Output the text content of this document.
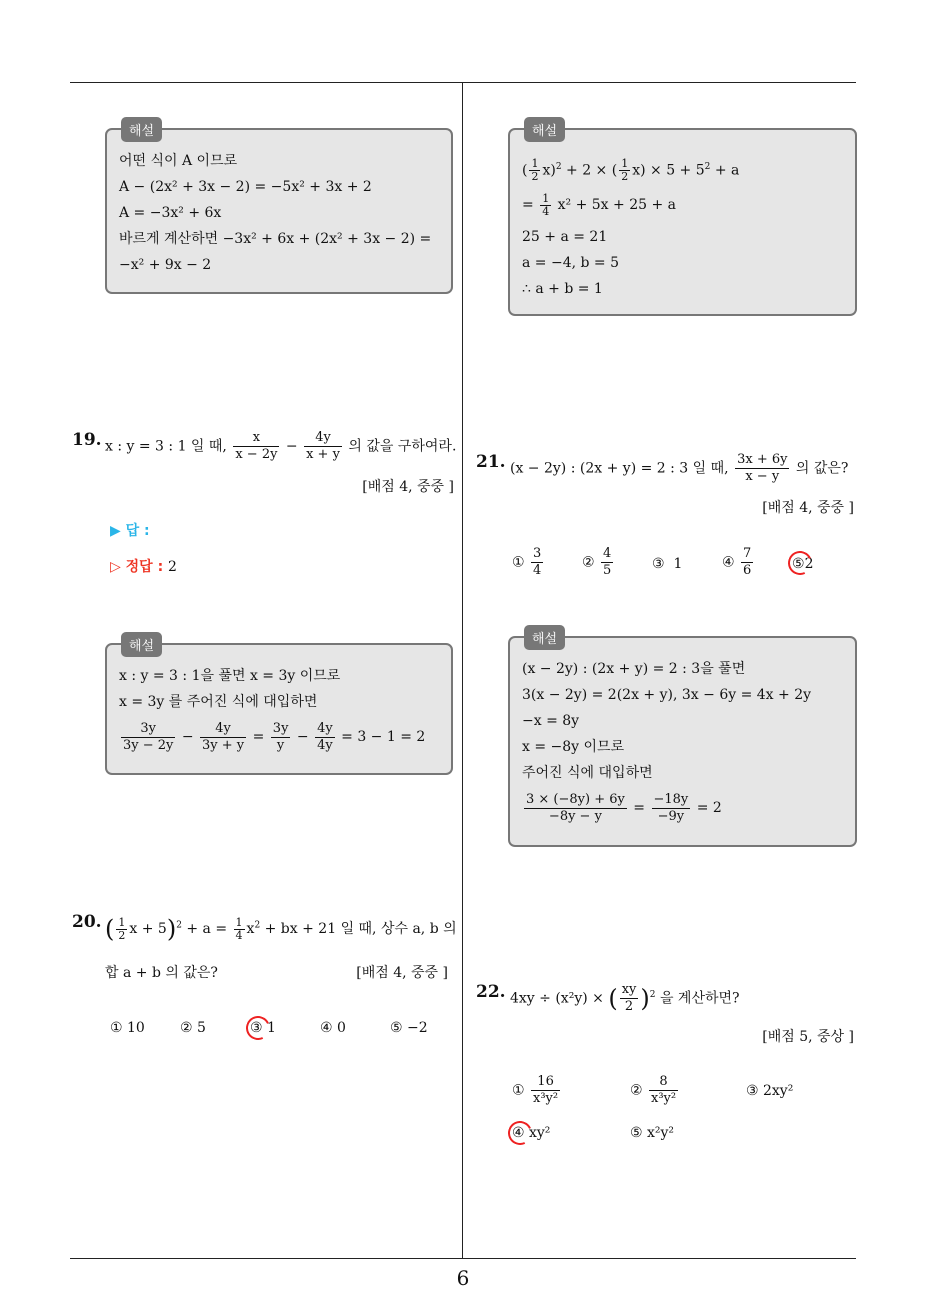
해설
어떤 식이 A 이므로
A − (2x² + 3x − 2) = −5x² + 3x + 2
A = −3x² + 6x
바르게 계산하면 −3x² + 6x + (2x² + 3x − 2) =
−x² + 9x − 2
19. x : y = 3 : 1 일 때, $\frac{x}{x - 2y} - \frac{4y}{x + y}$ 의 값을 구하여라.
[배점 4, 중중 ]
▶ 답 :
▷ 정답 : 2
해설
x : y = 3 : 1을 풀면 x = 3y 이므로
x = 3y 를 주어진 식에 대입하면
$\frac{3y}{3y - 2y} - \frac{4y}{3y + y} = \frac{3y}{y} - \frac{4y}{4y} = 3 - 1 = 2$
20. ( $\frac{1}{2}$ $x + 5)^2 + a = \frac{1}{4} x^2$ + bx + 21 일 때, 상수 a, b 의
합 a + b 의 값은?	[배점 4, 중중 ]
① 10	② 5	③ 1	④ 0	⑤ −2
해설
( $\frac{1}{2} x)^2 + 2$ × ( $\frac{1}{2} x) \times 5 + 5^2 + a$
= $\frac{1}{4} x^2 + 5x + 25 + a$
25 + a = 21
a = −4, b = 5
∴ a + b = 1
21. (x − 2y) : (2x + y) = 2 : 3 일 때, $\frac{3x + 6y}{x - y}$ 의 값은?
[배점 4, 중중 ]
① $\frac{3}{4}$	② $\frac{4}{5}$	③ 1	④ $\frac{7}{6}$	⑤2
해설
(x − 2y) : (2x + y) = 2 : 3을 풀면
3(x − 2y) = 2(2x + y), 3x − 6y = 4x + 2y
−x = 8y
x = −8y 이므로
주어진 식에 대입하면
$\frac{3 \times (-8y) + 6y}{-8y - y} = \frac{-18y}{-9y} = 2$
22. 4xy ÷ (x²y) × ( $\frac{xy}{2} )^2$ 을 계산하면?
[배점 5, 중상 ]
① $\frac{16}{\text{x³y²}}$	② $\frac{8}{\text{x³y²}}$	③ 2xy²
④ xy²	⑤ x²y²
6
